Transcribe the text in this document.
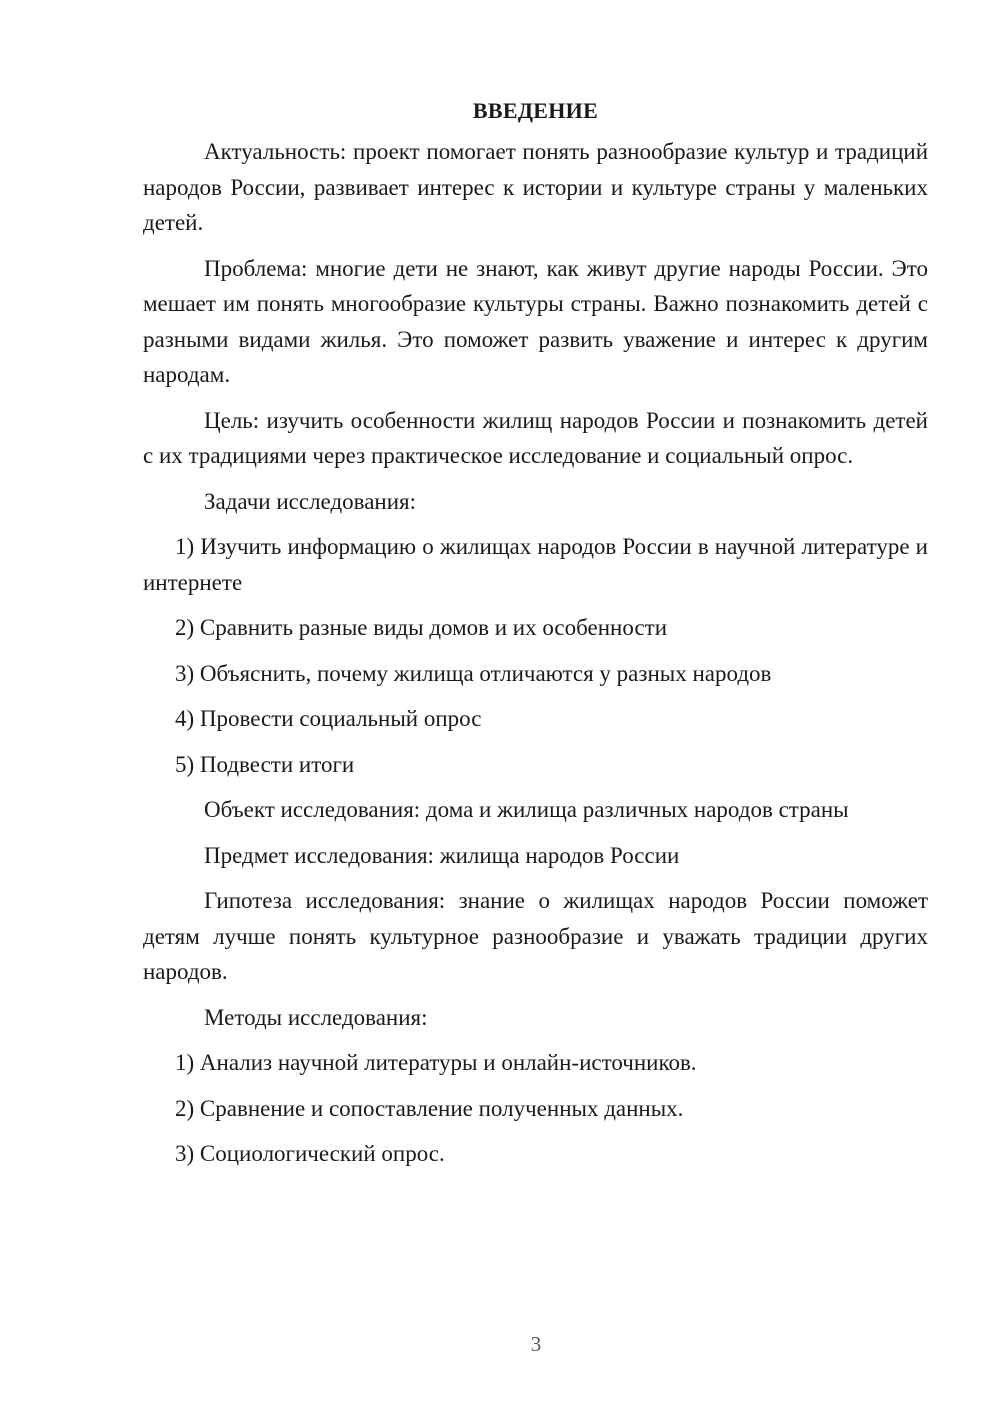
ВВЕДЕНИЕ

Актуальность: проект помогает понять разнообразие культур и традиций народов России, развивает интерес к истории и культуре страны у маленьких детей.

Проблема: многие дети не знают, как живут другие народы России. Это мешает им понять многообразие культуры страны. Важно познакомить детей с разными видами жилья. Это поможет развить уважение и интерес к другим народам.

Цель: изучить особенности жилищ народов России и познакомить детей с их традициями через практическое исследование и социальный опрос.

Задачи исследования:

1) Изучить информацию о жилищах народов России в научной литературе и интернете

2) Сравнить разные виды домов и их особенности

3) Объяснить, почему жилища отличаются у разных народов

4) Провести социальный опрос

5) Подвести итоги

Объект исследования: дома и жилища различных народов страны

Предмет исследования: жилища народов России

Гипотеза исследования: знание о жилищах народов России поможет детям лучше понять культурное разнообразие и уважать традиции других народов.

Методы исследования:

1) Анализ научной литературы и онлайн-источников.

2) Сравнение и сопоставление полученных данных.

3) Социологический опрос.

3
